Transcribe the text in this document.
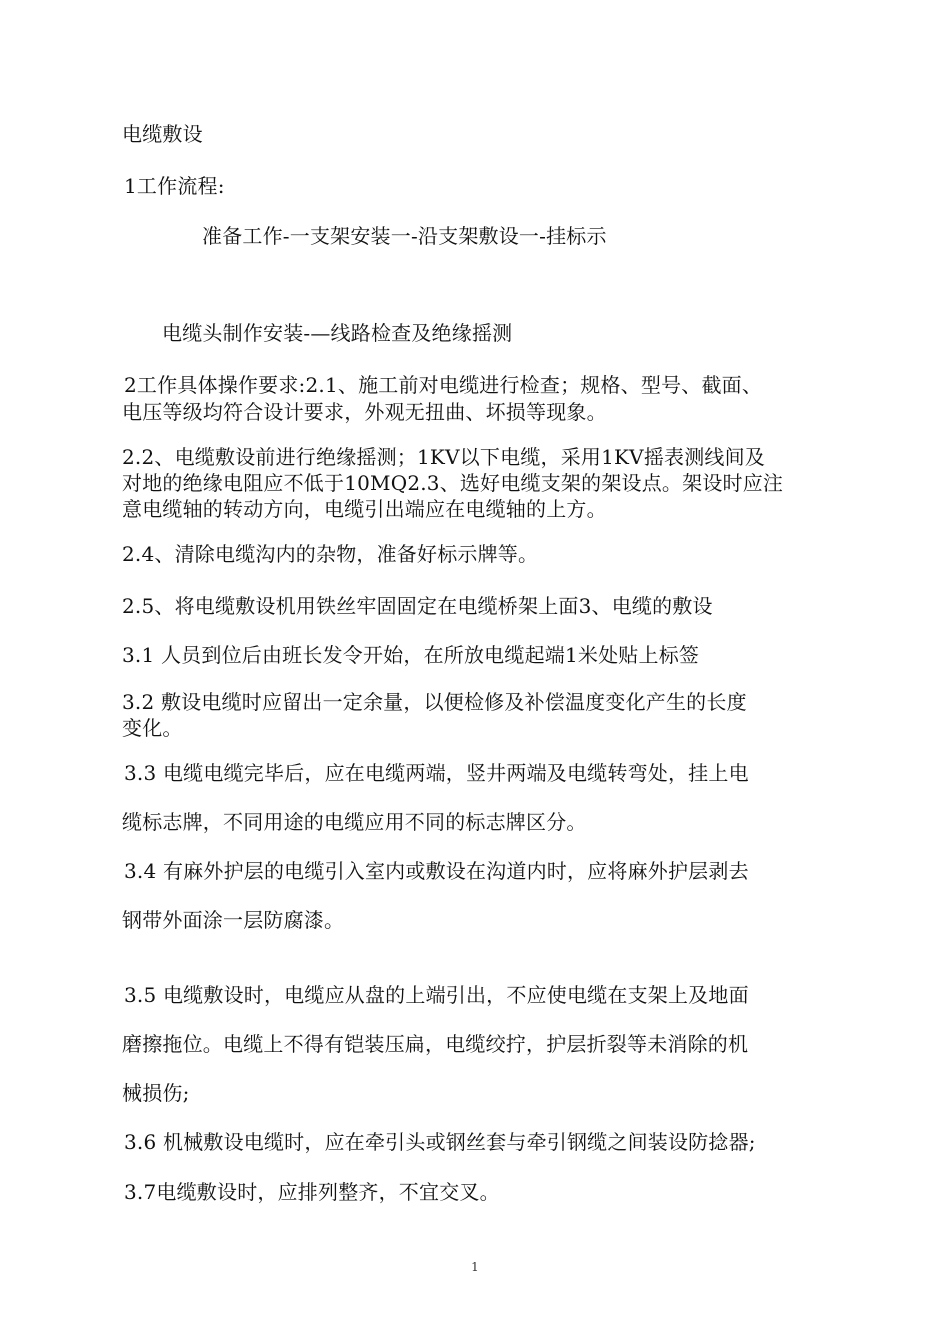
电缆敷设
1工作流程:
准备工作-一支架安装一-沿支架敷设一-挂标示
电缆头制作安装-—线路检查及绝缘摇测
2工作具体操作要求:2.1、施工前对电缆进行检查；规格、型号、截面、
电压等级均符合设计要求，外观无扭曲、坏损等现象。
2.2、电缆敷设前进行绝缘摇测；1KV以下电缆，采用1KV摇表测线间及
对地的绝缘电阻应不低于10MQ2.3、选好电缆支架的架设点。架设时应注
意电缆轴的转动方向，电缆引出端应在电缆轴的上方。
2.4、清除电缆沟内的杂物，准备好标示牌等。
2.5、将电缆敷设机用铁丝牢固固定在电缆桥架上面3、电缆的敷设
3.1 人员到位后由班长发令开始，在所放电缆起端1米处贴上标签
3.2 敷设电缆时应留出一定余量，以便检修及补偿温度变化产生的长度
变化。
3.3 电缆电缆完毕后，应在电缆两端，竖井两端及电缆转弯处，挂上电
缆标志牌，不同用途的电缆应用不同的标志牌区分。
3.4 有麻外护层的电缆引入室内或敷设在沟道内时，应将麻外护层剥去
钢带外面涂一层防腐漆。
3.5 电缆敷设时，电缆应从盘的上端引出，不应使电缆在支架上及地面
磨擦拖位。电缆上不得有铠装压扁，电缆绞拧，护层折裂等未消除的机
械损伤;
3.6 机械敷设电缆时，应在牵引头或钢丝套与牵引钢缆之间装设防捻器;
3.7电缆敷设时，应排列整齐，不宜交叉。
1
